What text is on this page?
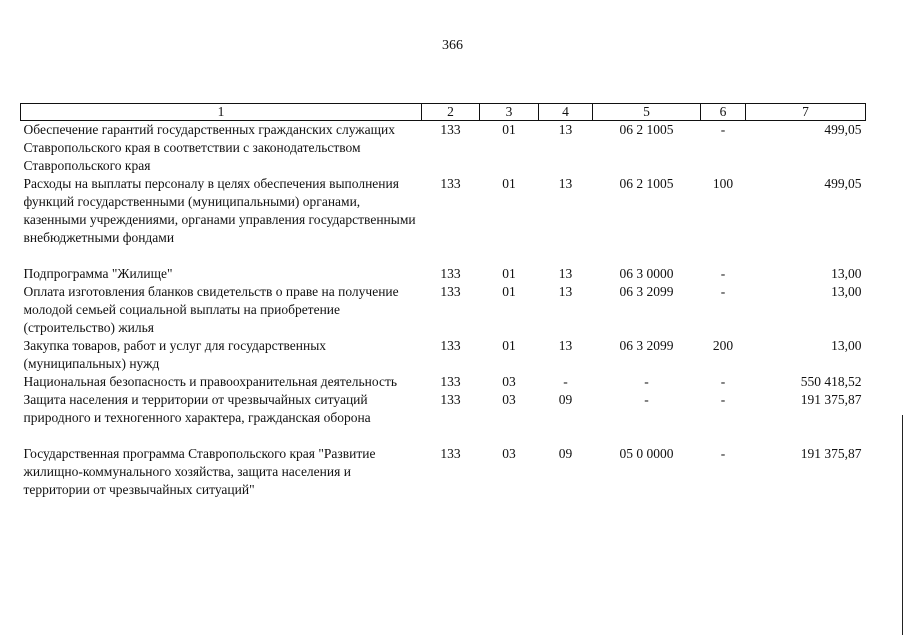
366
1	2	3	4	5	6	7
Обеспечение гарантий государственных гражданских служащих Ставропольского края в соответствии с законодательством Ставропольского края	133	01	13	06 2 1005	-	499,05
Расходы на выплаты персоналу в целях обеспечения выполнения функций государственными (муниципальными) органами, казенными учреждениями, органами управления государственными внебюджетными фондами	133	01	13	06 2 1005	100	499,05

Подпрограмма "Жилище"	133	01	13	06 3 0000	-	13,00
Оплата изготовления бланков свидетельств о праве на получение молодой семьей социальной выплаты на приобретение (строительство) жилья	133	01	13	06 3 2099	-	13,00
Закупка товаров, работ и услуг для государственных (муниципальных) нужд	133	01	13	06 3 2099	200	13,00
Национальная безопасность и правоохранительная деятельность	133	03	-	-	-	550 418,52
Защита населения и территории от чрезвычайных ситуаций природного и техногенного характера, гражданская оборона	133	03	09	-	-	191 375,87

Государственная программа Ставропольского края "Развитие жилищно-коммунального хозяйства, защита населения и территории от чрезвычайных ситуаций"	133	03	09	05 0 0000	-	191 375,87
